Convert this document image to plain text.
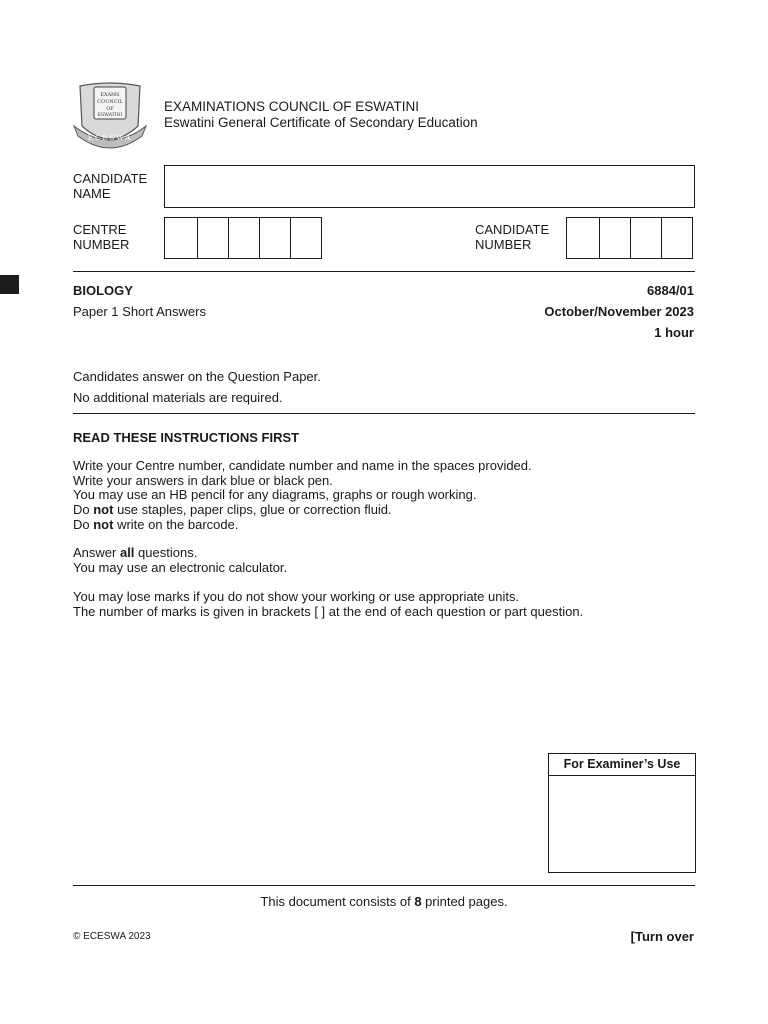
EXAMS
COUNCIL
OF
ESWATINI
ECESWA
EXAMINATIONS COUNCIL OF ESWATINI
Eswatini General Certificate of Secondary Education
CANDIDATE
NAME
CENTRE
NUMBER
CANDIDATE
NUMBER
BIOLOGY
Paper 1 Short Answers
6884/01
October/November 2023
1 hour

Candidates answer on the Question Paper.

No additional materials are required.

READ THESE INSTRUCTIONS FIRST

Write your Centre number, candidate number and name in the spaces provided.

Write your answers in dark blue or black pen.

You may use an HB pencil for any diagrams, graphs or rough working.

Do not use staples, paper clips, glue or correction fluid.

Do not write on the barcode.

Answer all questions.

You may use an electronic calculator.

You may lose marks if you do not show your working or use appropriate units.

The number of marks is given in brackets [ ] at the end of each question or part question.

For Examiner’s Use
This document consists of 8 printed pages.
© ECESWA 2023	[Turn over
